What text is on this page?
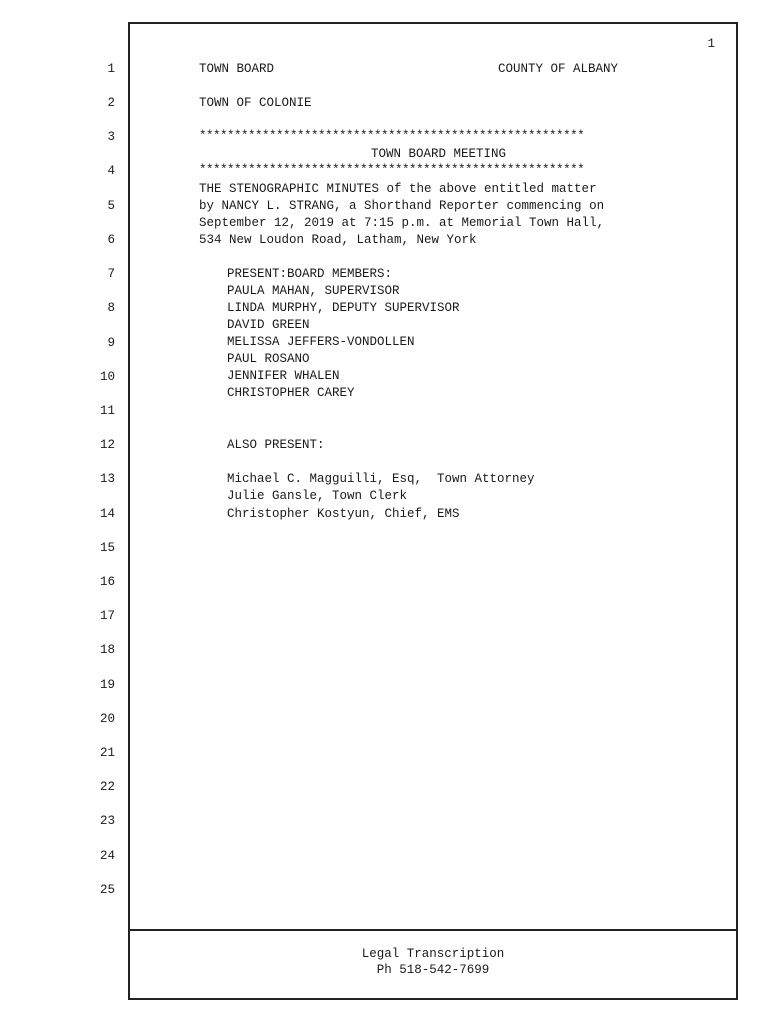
1
1
2
3
4
5
6
7
8
9
10
11
12
13
14
15
16
17
18
19
20
21
22
23
24
25
TOWN BOARD	COUNTY OF ALBANY
TOWN OF COLONIE
*******************************************************
TOWN BOARD MEETING
*******************************************************
THE STENOGRAPHIC MINUTES of the above entitled matter
by NANCY L. STRANG, a Shorthand Reporter commencing on
September 12, 2019 at 7:15 p.m. at Memorial Town Hall,
534 New Loudon Road, Latham, New York
PRESENT:BOARD MEMBERS:
PAULA MAHAN, SUPERVISOR
LINDA MURPHY, DEPUTY SUPERVISOR
DAVID GREEN
MELISSA JEFFERS-VONDOLLEN
PAUL ROSANO
JENNIFER WHALEN
CHRISTOPHER CAREY
ALSO PRESENT:
Michael C. Magguilli, Esq,  Town Attorney
Julie Gansle, Town Clerk
Christopher Kostyun, Chief, EMS
Legal Transcription
Ph 518-542-7699
